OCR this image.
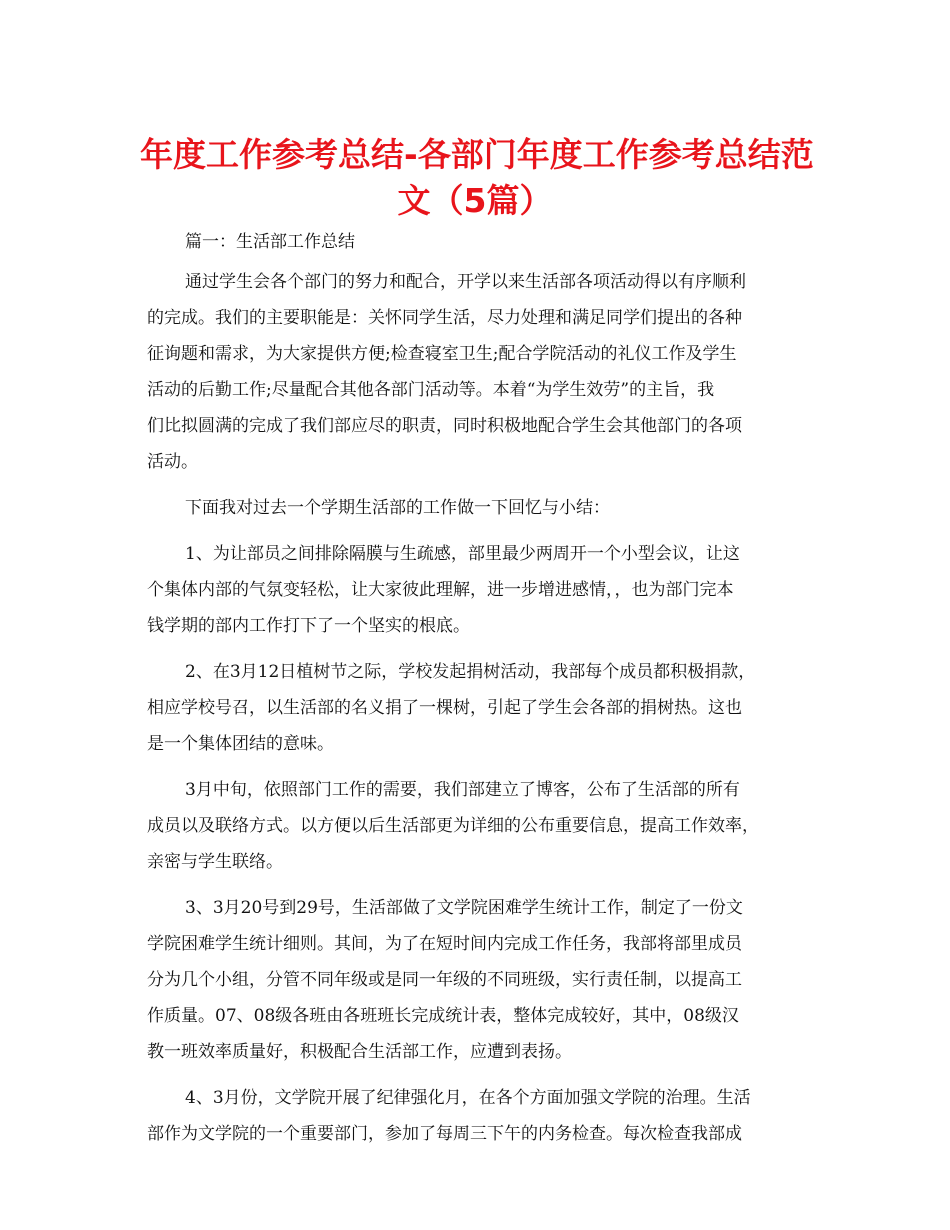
年度工作参考总结-各部门年度工作参考总结范
文（5篇）
篇一：生活部工作总结
通过学生会各个部门的努力和配合，开学以来生活部各项活动得以有序顺利
的完成。我们的主要职能是：关怀同学生活，尽力处理和满足同学们提出的各种
征询题和需求，为大家提供方便;检查寝室卫生;配合学院活动的礼仪工作及学生
活动的后勤工作;尽量配合其他各部门活动等。本着“为学生效劳”的主旨，我
们比拟圆满的完成了我们部应尽的职责，同时积极地配合学生会其他部门的各项
活动。
下面我对过去一个学期生活部的工作做一下回忆与小结：
1、为让部员之间排除隔膜与生疏感，部里最少两周开一个小型会议，让这
个集体内部的气氛变轻松，让大家彼此理解，进一步增进感情，，也为部门完本
钱学期的部内工作打下了一个坚实的根底。
2、在3月12日植树节之际，学校发起捐树活动，我部每个成员都积极捐款，
相应学校号召，以生活部的名义捐了一棵树，引起了学生会各部的捐树热。这也
是一个集体团结的意味。
3月中旬，依照部门工作的需要，我们部建立了博客，公布了生活部的所有
成员以及联络方式。以方便以后生活部更为详细的公布重要信息，提高工作效率，
亲密与学生联络。
3、3月20号到29号，生活部做了文学院困难学生统计工作，制定了一份文
学院困难学生统计细则。其间，为了在短时间内完成工作任务，我部将部里成员
分为几个小组，分管不同年级或是同一年级的不同班级，实行责任制，以提高工
作质量。07、08级各班由各班班长完成统计表，整体完成较好，其中，08级汉
教一班效率质量好，积极配合生活部工作，应遭到表扬。
4、3月份，文学院开展了纪律强化月，在各个方面加强文学院的治理。生活
部作为文学院的一个重要部门，参加了每周三下午的内务检查。每次检查我部成
